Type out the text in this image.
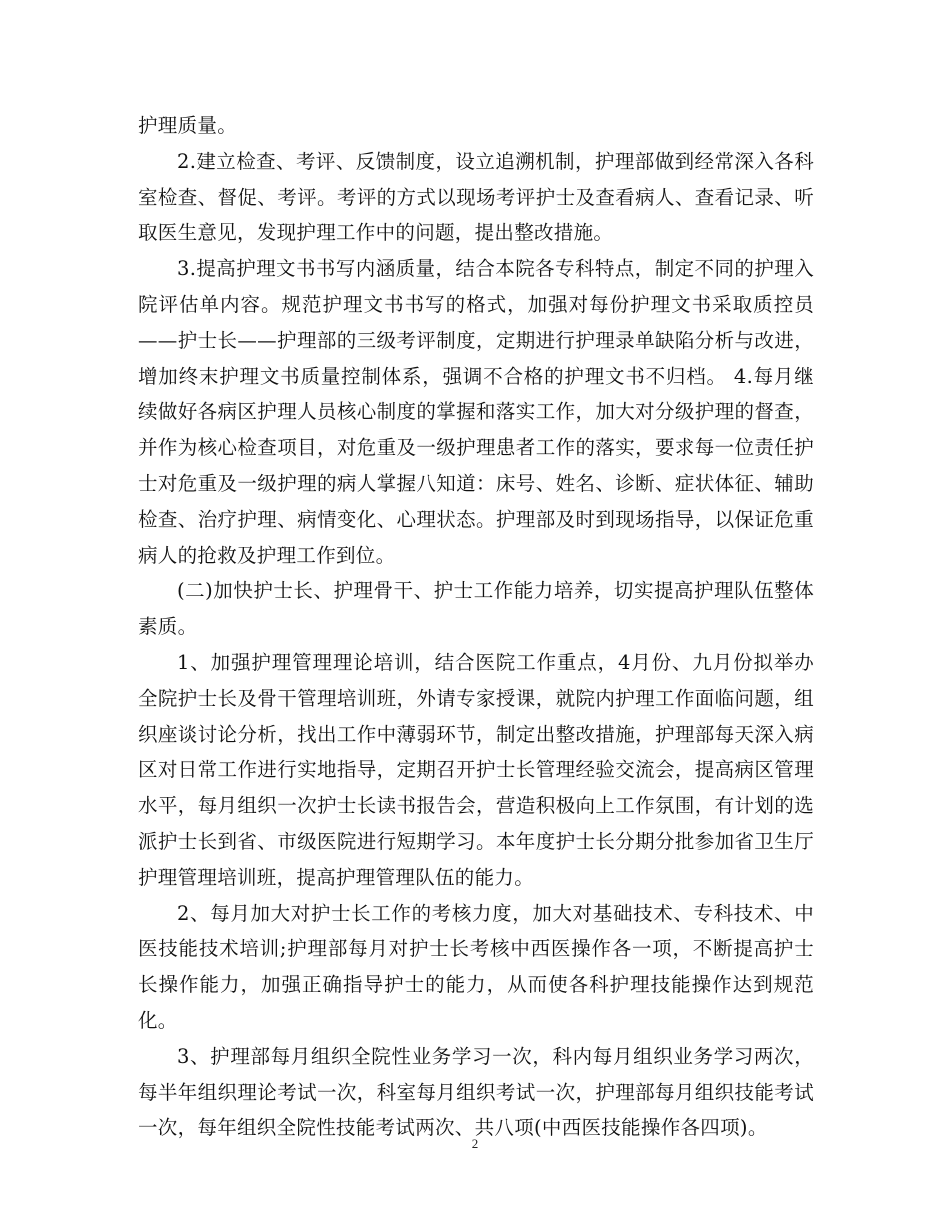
护理质量。

2.建立检查、考评、反馈制度，设立追溯机制，护理部做到经常深入各科室检查、督促、考评。考评的方式以现场考评护士及查看病人、查看记录、听取医生意见，发现护理工作中的问题，提出整改措施。

3.提高护理文书书写内涵质量，结合本院各专科特点，制定不同的护理入院评估单内容。规范护理文书书写的格式，加强对每份护理文书采取质控员——护士长——护理部的三级考评制度，定期进行护理录单缺陷分析与改进，增加终末护理文书质量控制体系，强调不合格的护理文书不归档。 4.每月继续做好各病区护理人员核心制度的掌握和落实工作，加大对分级护理的督查，并作为核心检查项目，对危重及一级护理患者工作的落实，要求每一位责任护士对危重及一级护理的病人掌握八知道：床号、姓名、诊断、症状体征、辅助检查、治疗护理、病情变化、心理状态。护理部及时到现场指导，以保证危重病人的抢救及护理工作到位。

(二)加快护士长、护理骨干、护士工作能力培养，切实提高护理队伍整体素质。

1、加强护理管理理论培训，结合医院工作重点，4月份、九月份拟举办全院护士长及骨干管理培训班，外请专家授课，就院内护理工作面临问题，组织座谈讨论分析，找出工作中薄弱环节，制定出整改措施，护理部每天深入病区对日常工作进行实地指导，定期召开护士长管理经验交流会，提高病区管理水平，每月组织一次护士长读书报告会，营造积极向上工作氛围，有计划的选派护士长到省、市级医院进行短期学习。本年度护士长分期分批参加省卫生厅护理管理培训班，提高护理管理队伍的能力。

2、每月加大对护士长工作的考核力度，加大对基础技术、专科技术、中医技能技术培训;护理部每月对护士长考核中西医操作各一项，不断提高护士长操作能力，加强正确指导护士的能力，从而使各科护理技能操作达到规范化。

3、护理部每月组织全院性业务学习一次，科内每月组织业务学习两次，每半年组织理论考试一次，科室每月组织考试一次，护理部每月组织技能考试一次，每年组织全院性技能考试两次、共八项(中西医技能操作各四项)。

2
